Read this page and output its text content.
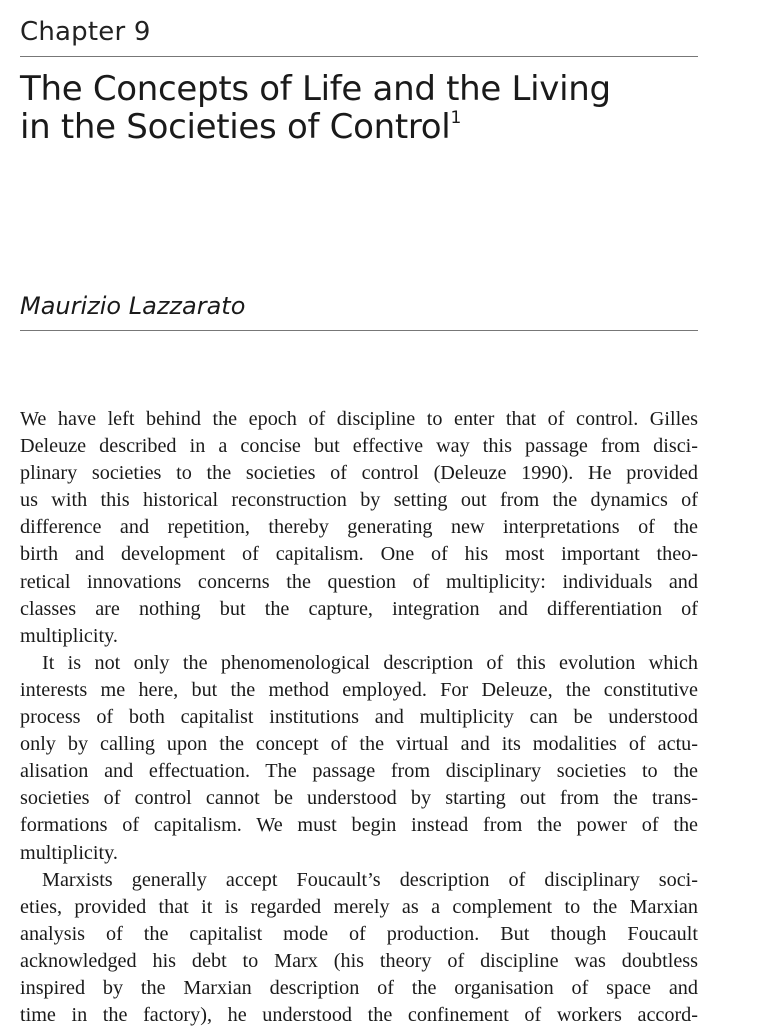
Chapter 9
The Concepts of Life and the Living
in the Societies of Control$^1$
Maurizio Lazzarato
We have left behind the epoch of discipline to enter that of control. Gilles
Deleuze described in a concise but effective way this passage from disci-
plinary societies to the societies of control (Deleuze 1990). He provided
us with this historical reconstruction by setting out from the dynamics of
difference and repetition, thereby generating new interpretations of the
birth and development of capitalism. One of his most important theo-
retical innovations concerns the question of multiplicity: individuals and
classes are nothing but the capture, integration and differentiation of
multiplicity.
It is not only the phenomenological description of this evolution which
interests me here, but the method employed. For Deleuze, the constitutive
process of both capitalist institutions and multiplicity can be understood
only by calling upon the concept of the virtual and its modalities of actu-
alisation and effectuation. The passage from disciplinary societies to the
societies of control cannot be understood by starting out from the trans-
formations of capitalism. We must begin instead from the power of the
multiplicity.
Marxists generally accept Foucault’s description of disciplinary soci-
eties, provided that it is regarded merely as a complement to the Marxian
analysis of the capitalist mode of production. But though Foucault
acknowledged his debt to Marx (his theory of discipline was doubtless
inspired by the Marxian description of the organisation of space and
time in the factory), he understood the confinement of workers accord-
